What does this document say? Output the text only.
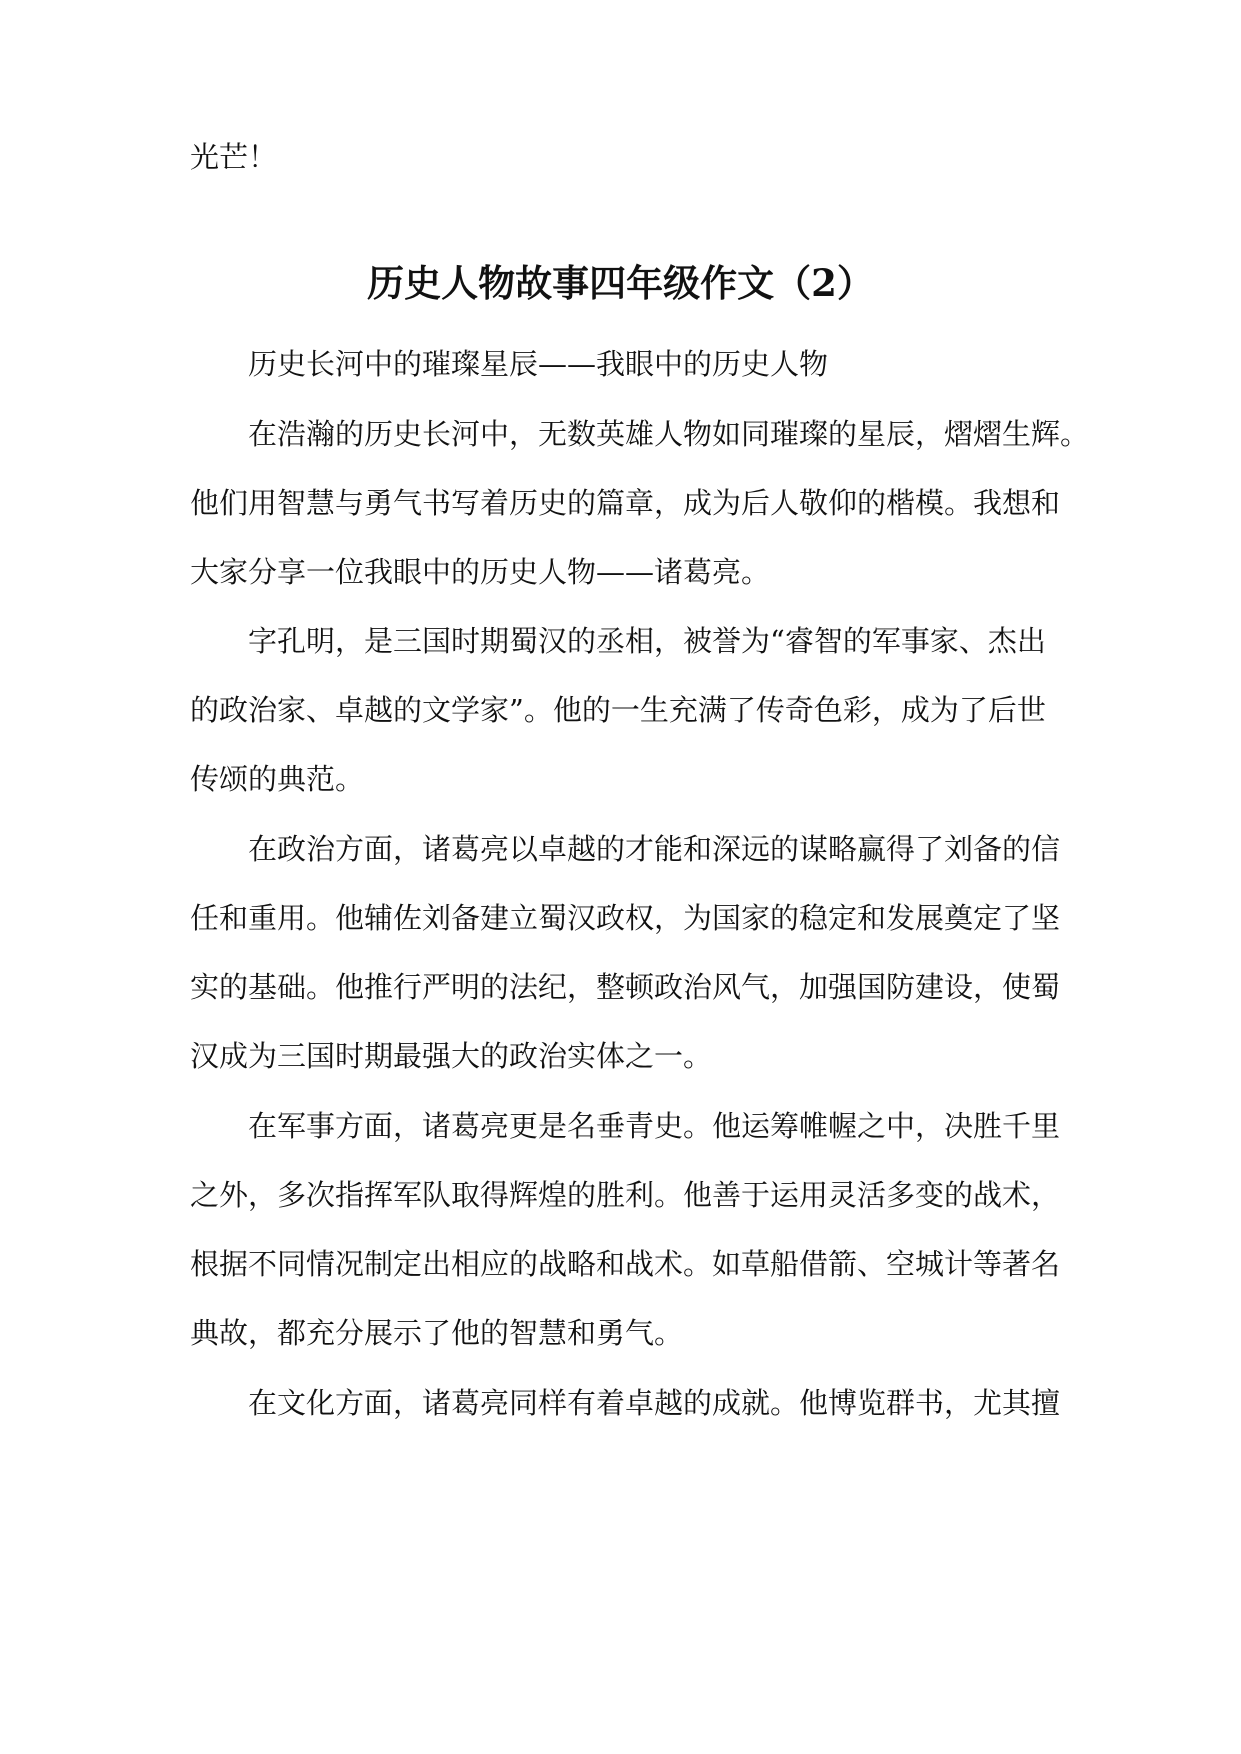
光芒！
历史人物故事四年级作文（2）
历史长河中的璀璨星辰——我眼中的历史人物
在浩瀚的历史长河中，无数英雄人物如同璀璨的星辰，熠熠生辉。
他们用智慧与勇气书写着历史的篇章，成为后人敬仰的楷模。我想和
大家分享一位我眼中的历史人物——诸葛亮。
字孔明，是三国时期蜀汉的丞相，被誉为“睿智的军事家、杰出
的政治家、卓越的文学家”。他的一生充满了传奇色彩，成为了后世
传颂的典范。
在政治方面，诸葛亮以卓越的才能和深远的谋略赢得了刘备的信
任和重用。他辅佐刘备建立蜀汉政权，为国家的稳定和发展奠定了坚
实的基础。他推行严明的法纪，整顿政治风气，加强国防建设，使蜀
汉成为三国时期最强大的政治实体之一。
在军事方面，诸葛亮更是名垂青史。他运筹帷幄之中，决胜千里
之外，多次指挥军队取得辉煌的胜利。他善于运用灵活多变的战术，
根据不同情况制定出相应的战略和战术。如草船借箭、空城计等著名
典故，都充分展示了他的智慧和勇气。
在文化方面，诸葛亮同样有着卓越的成就。他博览群书，尤其擅
